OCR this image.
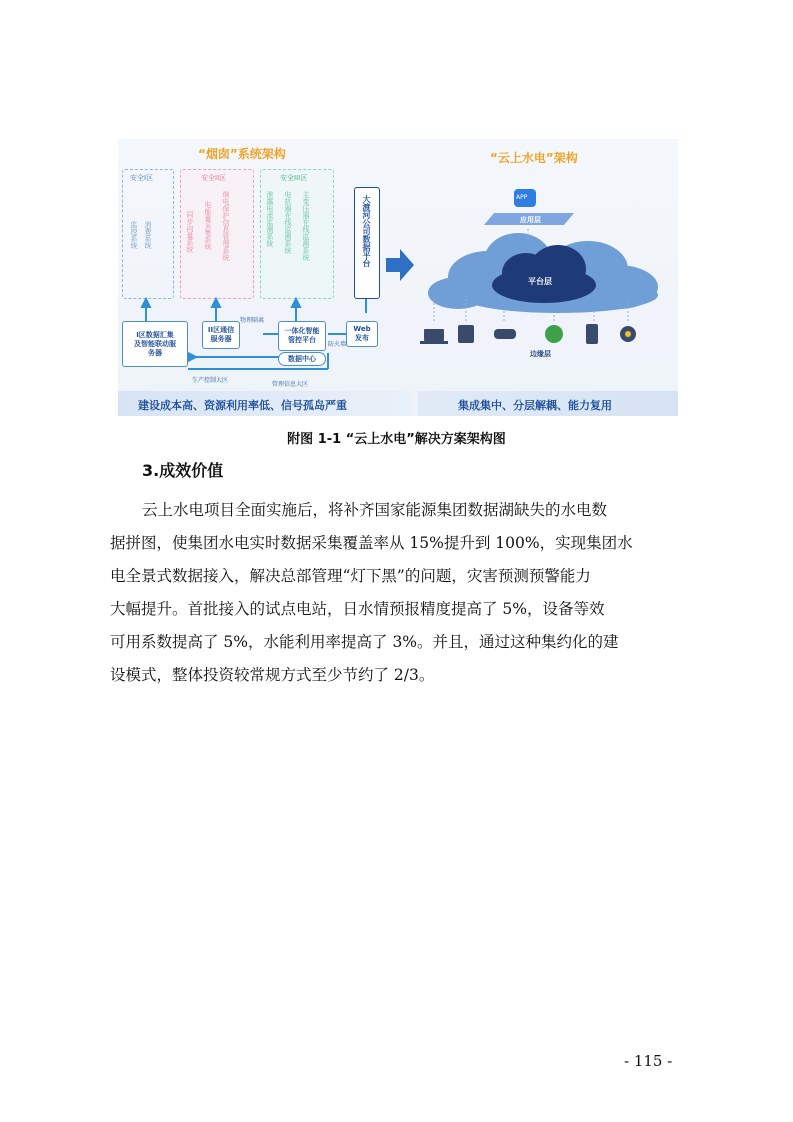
“烟囱”系统架构	“云上水电”架构
安全I区
监控系统 消费系统
安全II区
同步向量系统 电能量采集系统 继电保护信息管理系统
安全III区
泄露电流监测系统 电抗器在线监测系统 主变压器在线监测系统	大渡河公司数据平台
I区数据汇集
及智能联动服
务器
II区通信
服务器
一体化智能
管控平台
数据中心
Web
发布
物理隔离
防火墙
生产控制大区
管理信息大区
APP
应用层
平台层
边缘层
建设成本高、资源利用率低、信号孤岛严重	集成集中、分层解耦、能力复用
附图 1-1 “云上水电”解决方案架构图
3.成效价值
云上水电项目全面实施后，将补齐国家能源集团数据湖缺失的水电数
据拼图，使集团水电实时数据采集覆盖率从 15%提升到 100%，实现集团水
电全景式数据接入，解决总部管理“灯下黑”的问题，灾害预测预警能力
大幅提升。首批接入的试点电站，日水情预报精度提高了 5%，设备等效
可用系数提高了 5%，水能利用率提高了 3%。并且，通过这种集约化的建
设模式，整体投资较常规方式至少节约了 2/3。
- 115 -
